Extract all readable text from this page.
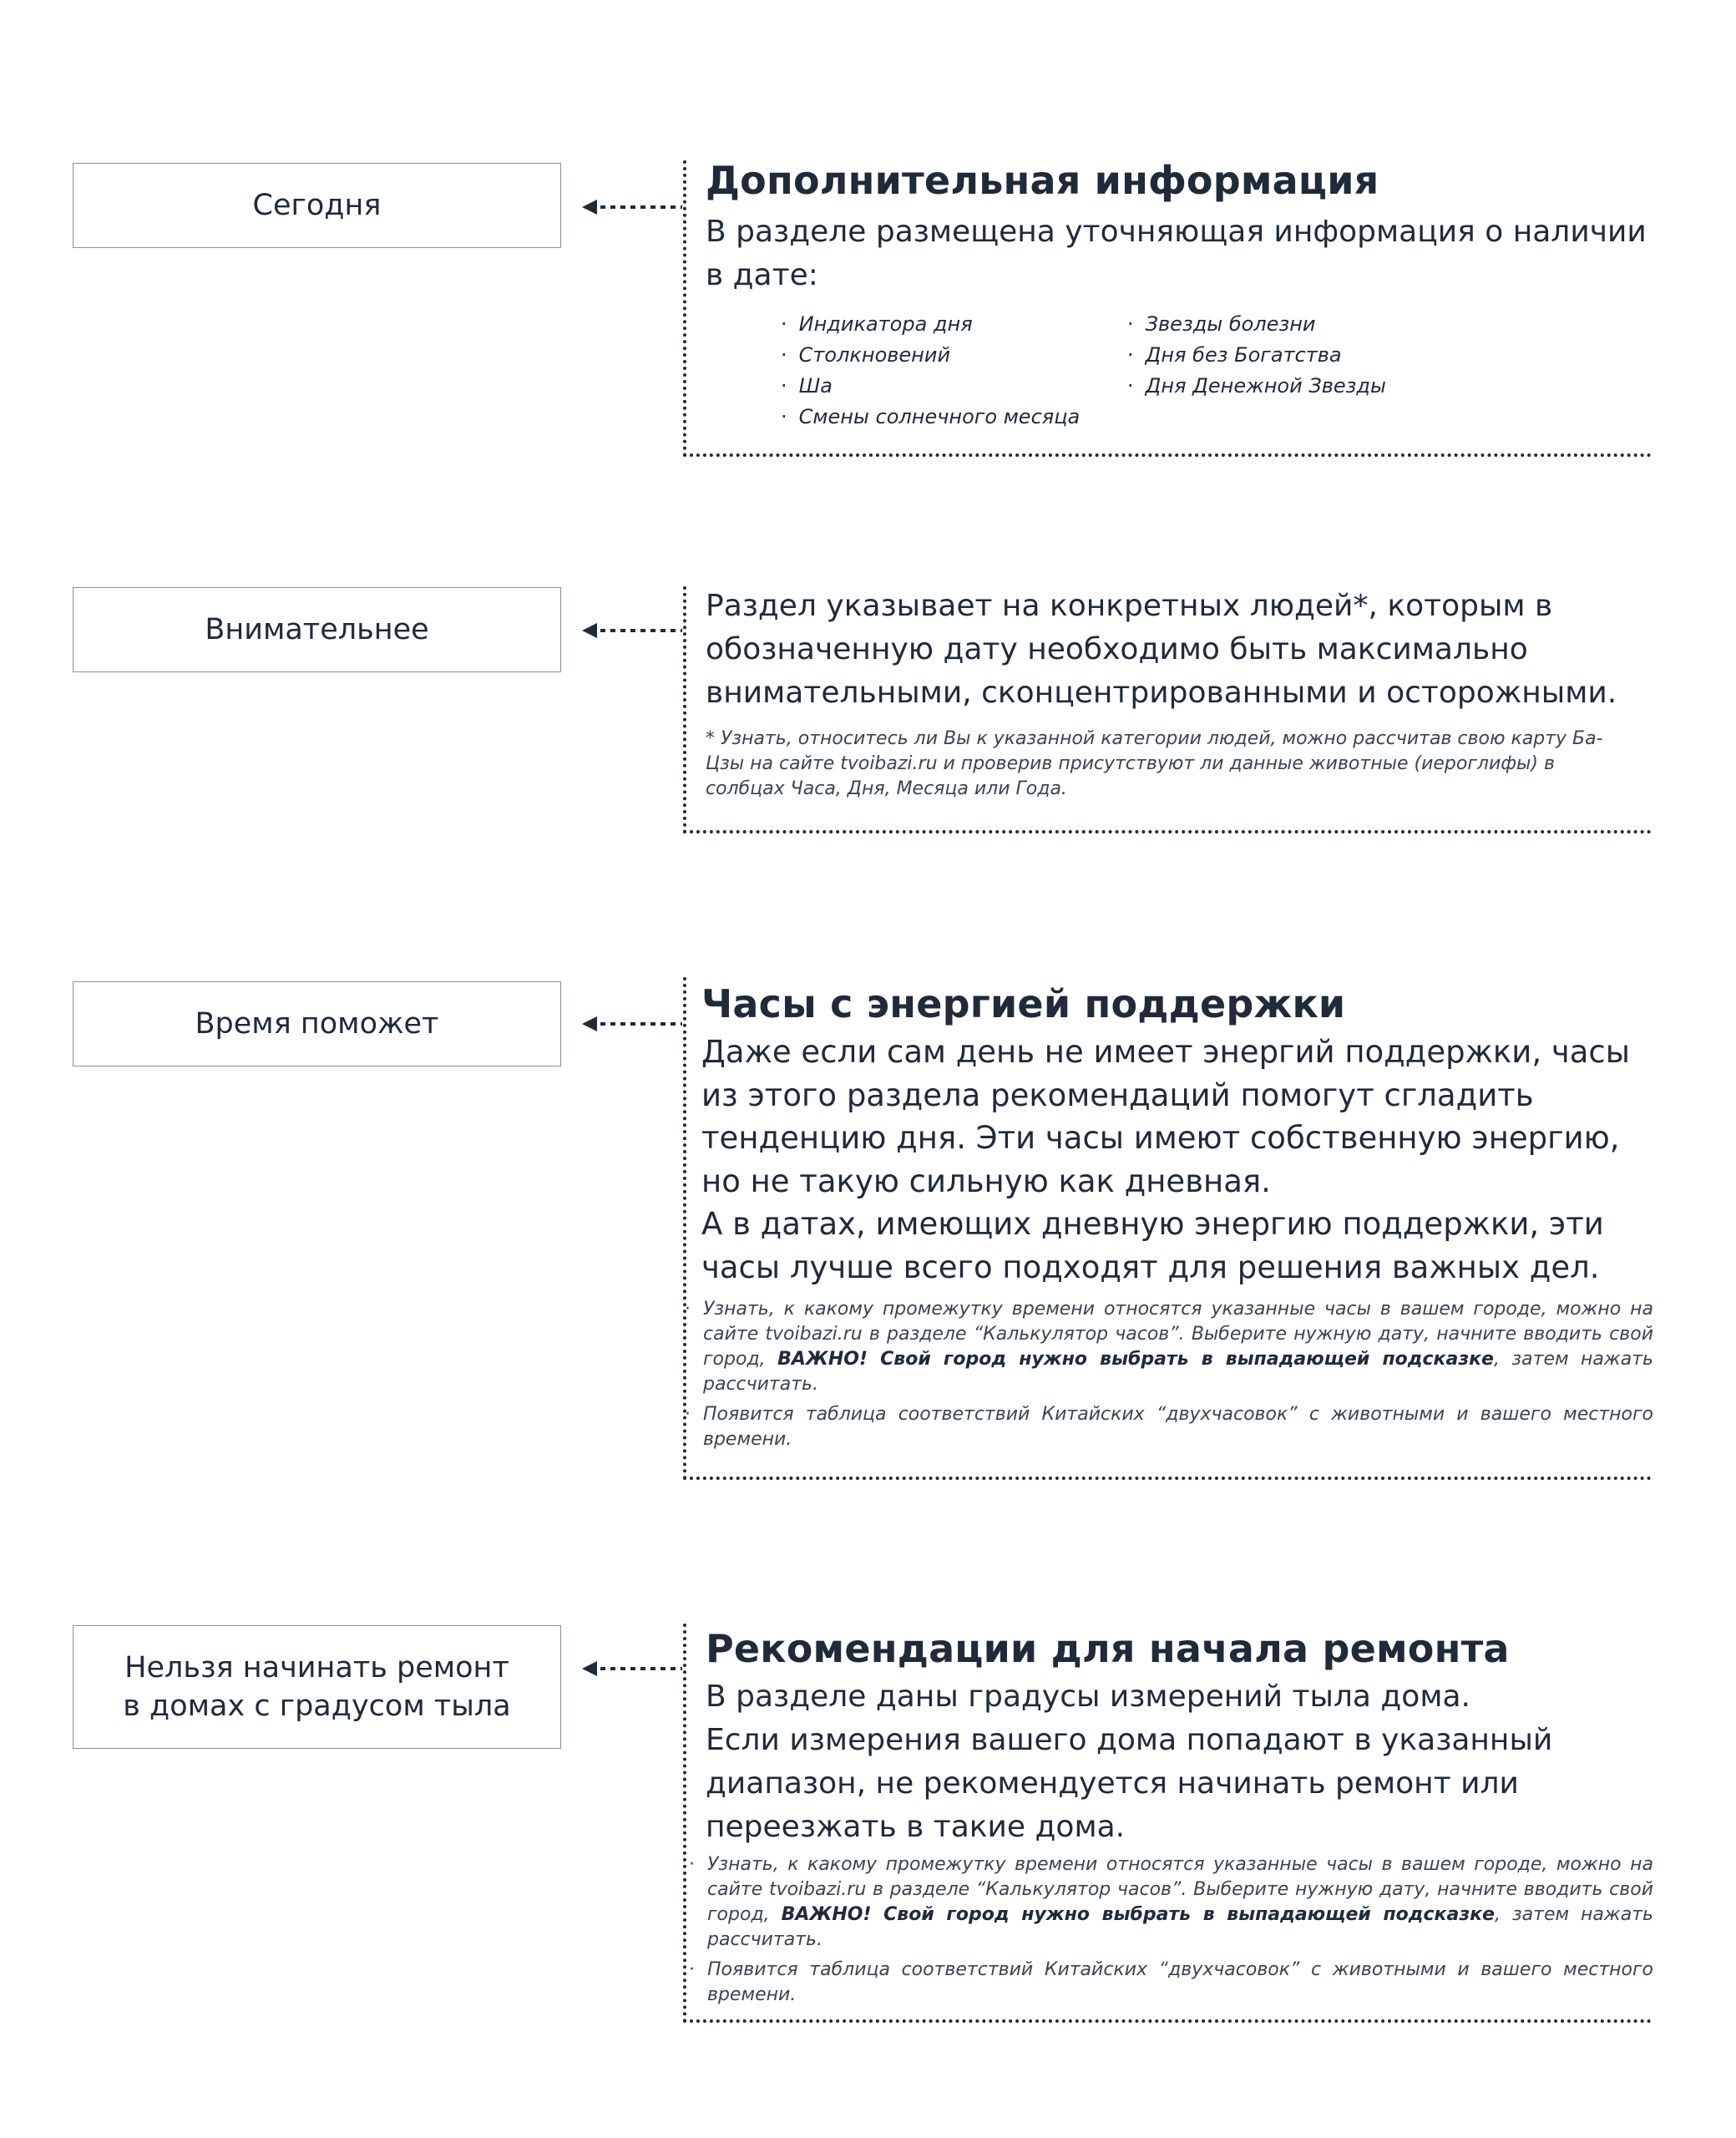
Сегодня
Дополнительная информация

В разделе размещена уточняющая информация о наличии в дате:

· Индикатора дня
· Столкновений
· Ша
· Смены солнечного месяца
· Звезды болезни
· Дня без Богатства
· Дня Денежной Звезды
Внимательнее

Раздел указывает на конкретных людей*, которым в обозначенную дату необходимо быть максимально внимательными, сконцентрированными и осторожными.

* Узнать, относитесь ли Вы к указанной категории людей, можно рассчитав свою карту Ба-Цзы на сайте tvoibazi.ru и проверив присутствуют ли данные животные (иероглифы) в солбцах Часа, Дня, Месяца или Года.

Время поможет	Часы с энергией поддержки

Даже если сам день не имеет энергий поддержки, часы из этого раздела рекомендаций помогут сгладить тенденцию дня. Эти часы имеют собственную энергию, но не такую сильную как дневная.

А в датах, имеющих дневную энергию поддержки, эти часы лучше всего подходят для решения важных дел.

· Узнать, к какому промежутку времени относятся указанные часы в вашем городе, можно на сайте tvoibazi.ru в разделе “Калькулятор часов”. Выберите нужную дату, начните вводить свой город, ВАЖНО! Свой город нужно выбрать в выпадающей подсказке, затем нажать рассчитать.
· Появится таблица соответствий Китайских “двухчасовок” с животными и вашего местного времени.
Нельзя начинать ремонт
в домах с градусом тыла
Рекомендации для начала ремонта

В разделе даны градусы измерений тыла дома.

Если измерения вашего дома попадают в указанный диапазон, не рекомендуется начинать ремонт или переезжать в такие дома.

· Узнать, к какому промежутку времени относятся указанные часы в вашем городе, можно на сайте tvoibazi.ru в разделе “Калькулятор часов”. Выберите нужную дату, начните вводить свой город, ВАЖНО! Свой город нужно выбрать в выпадающей подсказке, затем нажать рассчитать.
· Появится таблица соответствий Китайских “двухчасовок” с животными и вашего местного времени.
